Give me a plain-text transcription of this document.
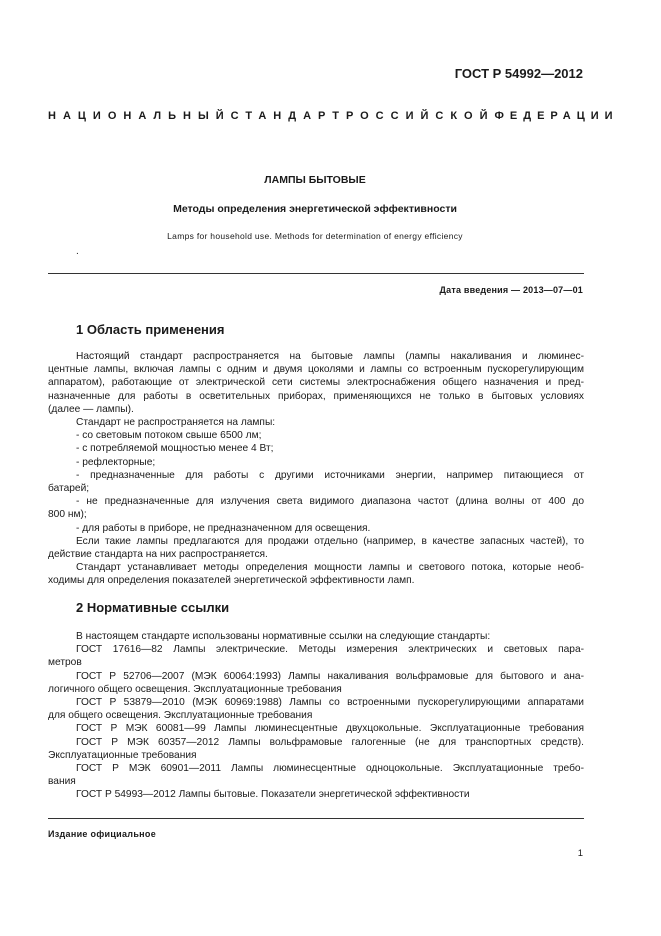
ГОСТ Р 54992—2012
НАЦИОНАЛЬНЫЙ СТАНДАРТ РОССИЙСКОЙ ФЕДЕРАЦИИ
ЛАМПЫ БЫТОВЫЕ
Методы определения энергетической эффективности
Lamps for household use. Methods for determination of energy efficiency
.
Дата введения — 2013—07—01
1 Область применения
Настоящий стандарт распространяется на бытовые лампы (лампы накаливания и люминес-
центные лампы, включая лампы с одним и двумя цоколями и лампы со встроенным пускорегулирующим
аппаратом), работающие от электрической сети системы электроснабжения общего назначения и пред-
назначенные для работы в осветительных приборах, применяющихся не только в бытовых условиях
(далее — лампы).
Стандарт не распространяется на лампы:
- со световым потоком свыше 6500 лм;
- с потребляемой мощностью менее 4 Вт;
- рефлекторные;
- предназначенные для работы с другими источниками энергии, например питающиеся от
батарей;
- не предназначенные для излучения света видимого диапазона частот (длина волны от 400 до
800 нм);
- для работы в приборе, не предназначенном для освещения.
Если такие лампы предлагаются для продажи отдельно (например, в качестве запасных частей), то
действие стандарта на них распространяется.
Стандарт устанавливает методы определения мощности лампы и светового потока, которые необ-
ходимы для определения показателей энергетической эффективности ламп.
2 Нормативные ссылки
В настоящем стандарте использованы нормативные ссылки на следующие стандарты:
ГОСТ 17616—82 Лампы электрические. Методы измерения электрических и световых пара-
метров
ГОСТ Р 52706—2007 (МЭК 60064:1993) Лампы накаливания вольфрамовые для бытового и ана-
логичного общего освещения. Эксплуатационные требования
ГОСТ Р 53879—2010 (МЭК 60969:1988) Лампы со встроенными пускорегулирующими аппаратами
для общего освещения. Эксплуатационные требования
ГОСТ Р МЭК 60081—99 Лампы люминесцентные двухцокольные. Эксплуатационные требования
ГОСТ Р МЭК 60357—2012 Лампы вольфрамовые галогенные (не для транспортных средств).
Эксплуатационные требования
ГОСТ Р МЭК 60901—2011 Лампы люминесцентные одноцокольные. Эксплуатационные требо-
вания
ГОСТ Р 54993—2012 Лампы бытовые. Показатели энергетической эффективности
Издание официальное
1
